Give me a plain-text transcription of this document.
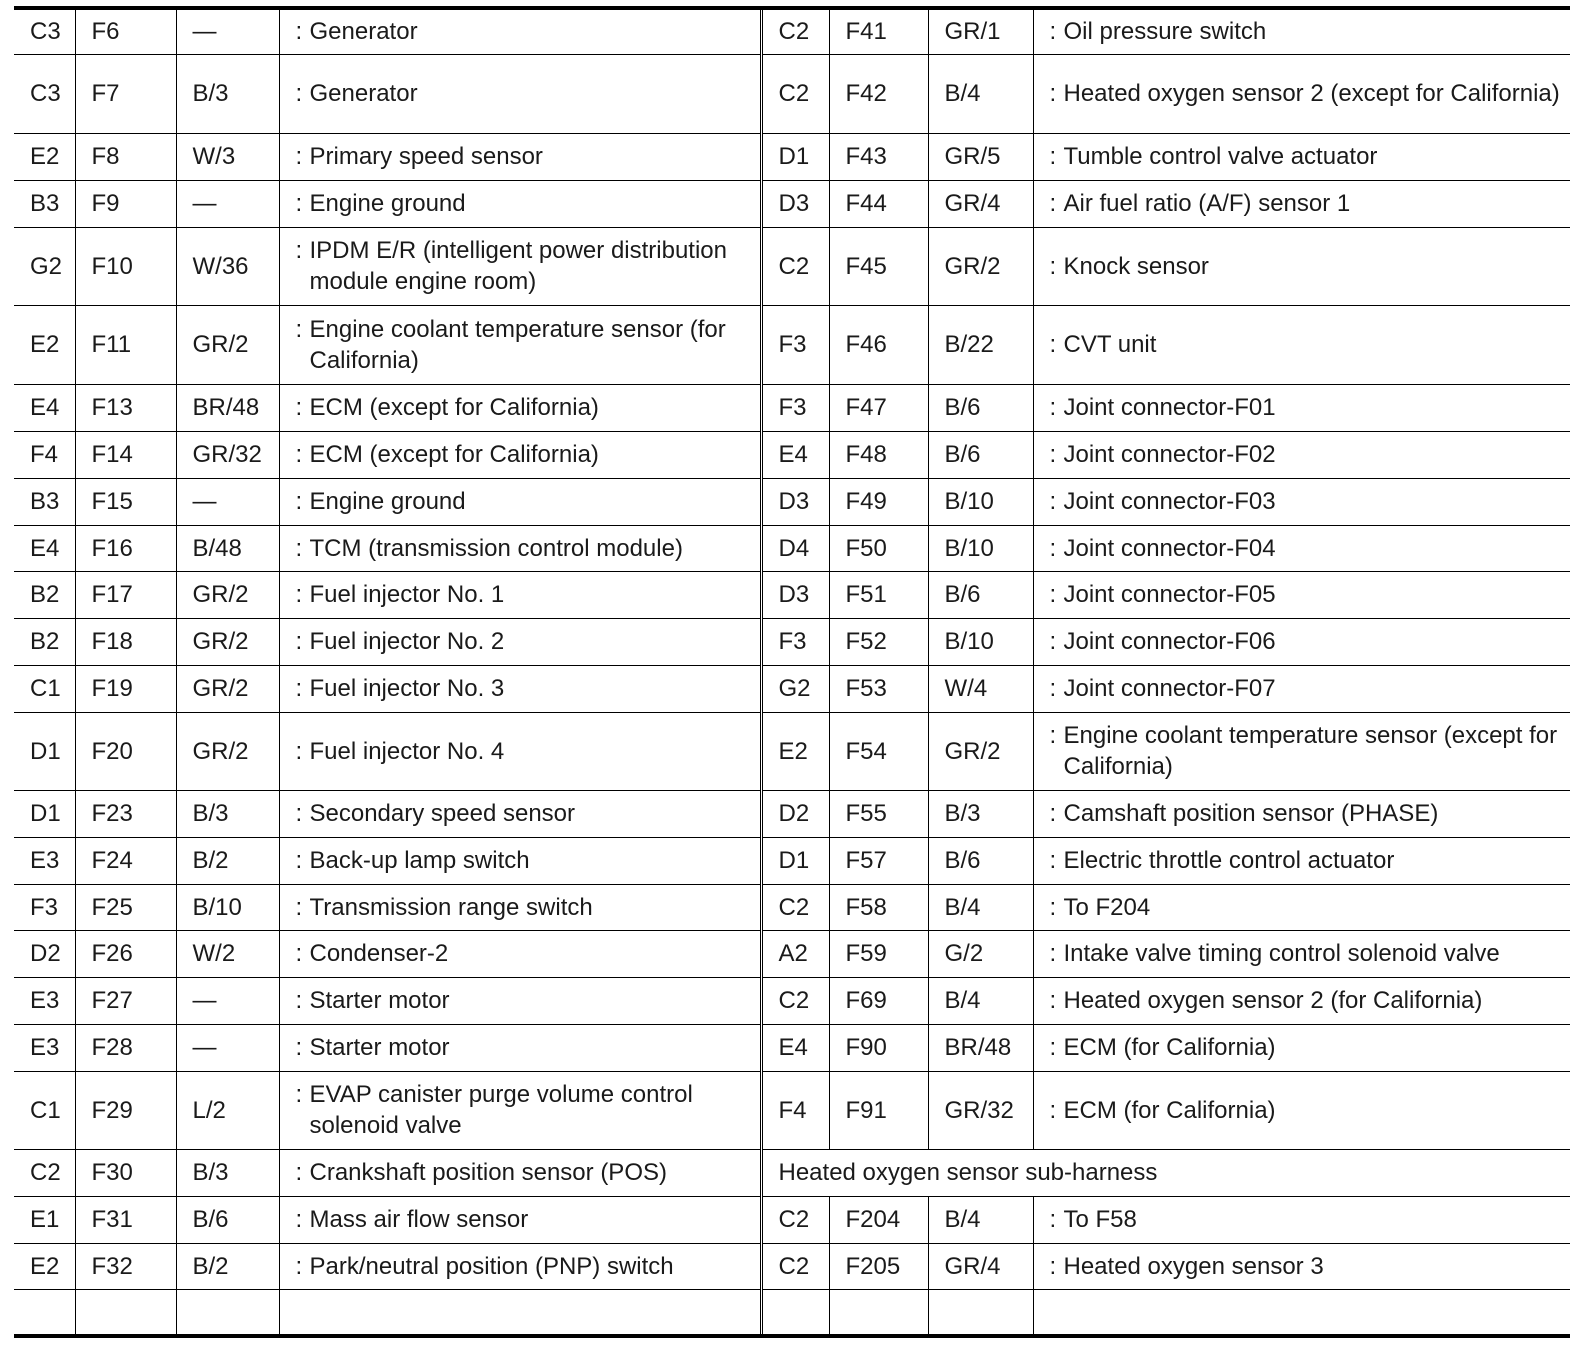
C3	F6	—	: Generator	C2	F41	GR/1	: Oil pressure switch

C3	F7	B/3	: Generator	C2	F42	B/4	: Heated oxygen sensor 2 (except for California)

E2	F8	W/3	: Primary speed sensor	D1	F43	GR/5	: Tumble control valve actuator

B3	F9	—	: Engine ground	D3	F44	GR/4	: Air fuel ratio (A/F) sensor 1

G2	F10	W/36	: IPDM E/R (intelligent power distribution module engine room)	C2	F45	GR/2	: Knock sensor

E2	F11	GR/2	: Engine coolant temperature sensor (for California)	F3	F46	B/22	: CVT unit

E4	F13	BR/48	: ECM (except for California)	F3	F47	B/6	: Joint connector-F01

F4	F14	GR/32	: ECM (except for California)	E4	F48	B/6	: Joint connector-F02

B3	F15	—	: Engine ground	D3	F49	B/10	: Joint connector-F03

E4	F16	B/48	: TCM (transmission control module)	D4	F50	B/10	: Joint connector-F04

B2	F17	GR/2	: Fuel injector No. 1	D3	F51	B/6	: Joint connector-F05

B2	F18	GR/2	: Fuel injector No. 2	F3	F52	B/10	: Joint connector-F06

C1	F19	GR/2	: Fuel injector No. 3	G2	F53	W/4	: Joint connector-F07

D1	F20	GR/2	: Fuel injector No. 4	E2	F54	GR/2	: Engine coolant temperature sensor (except for California)

D1	F23	B/3	: Secondary speed sensor	D2	F55	B/3	: Camshaft position sensor (PHASE)

E3	F24	B/2	: Back-up lamp switch	D1	F57	B/6	: Electric throttle control actuator

F3	F25	B/10	: Transmission range switch	C2	F58	B/4	: To F204

D2	F26	W/2	: Condenser-2	A2	F59	G/2	: Intake valve timing control solenoid valve

E3	F27	—	: Starter motor	C2	F69	B/4	: Heated oxygen sensor 2 (for California)

E3	F28	—	: Starter motor	E4	F90	BR/48	: ECM (for California)

C1	F29	L/2	: EVAP canister purge volume control solenoid valve	F4	F91	GR/32	: ECM (for California)

C2	F30	B/3	: Crankshaft position sensor (POS)	Heated oxygen sensor sub-harness			
E1	F31	B/6	: Mass air flow sensor	C2	F204	B/4	: To F58

E2	F32	B/2	: Park/neutral position (PNP) switch	C2	F205	GR/4	: Heated oxygen sensor 3
